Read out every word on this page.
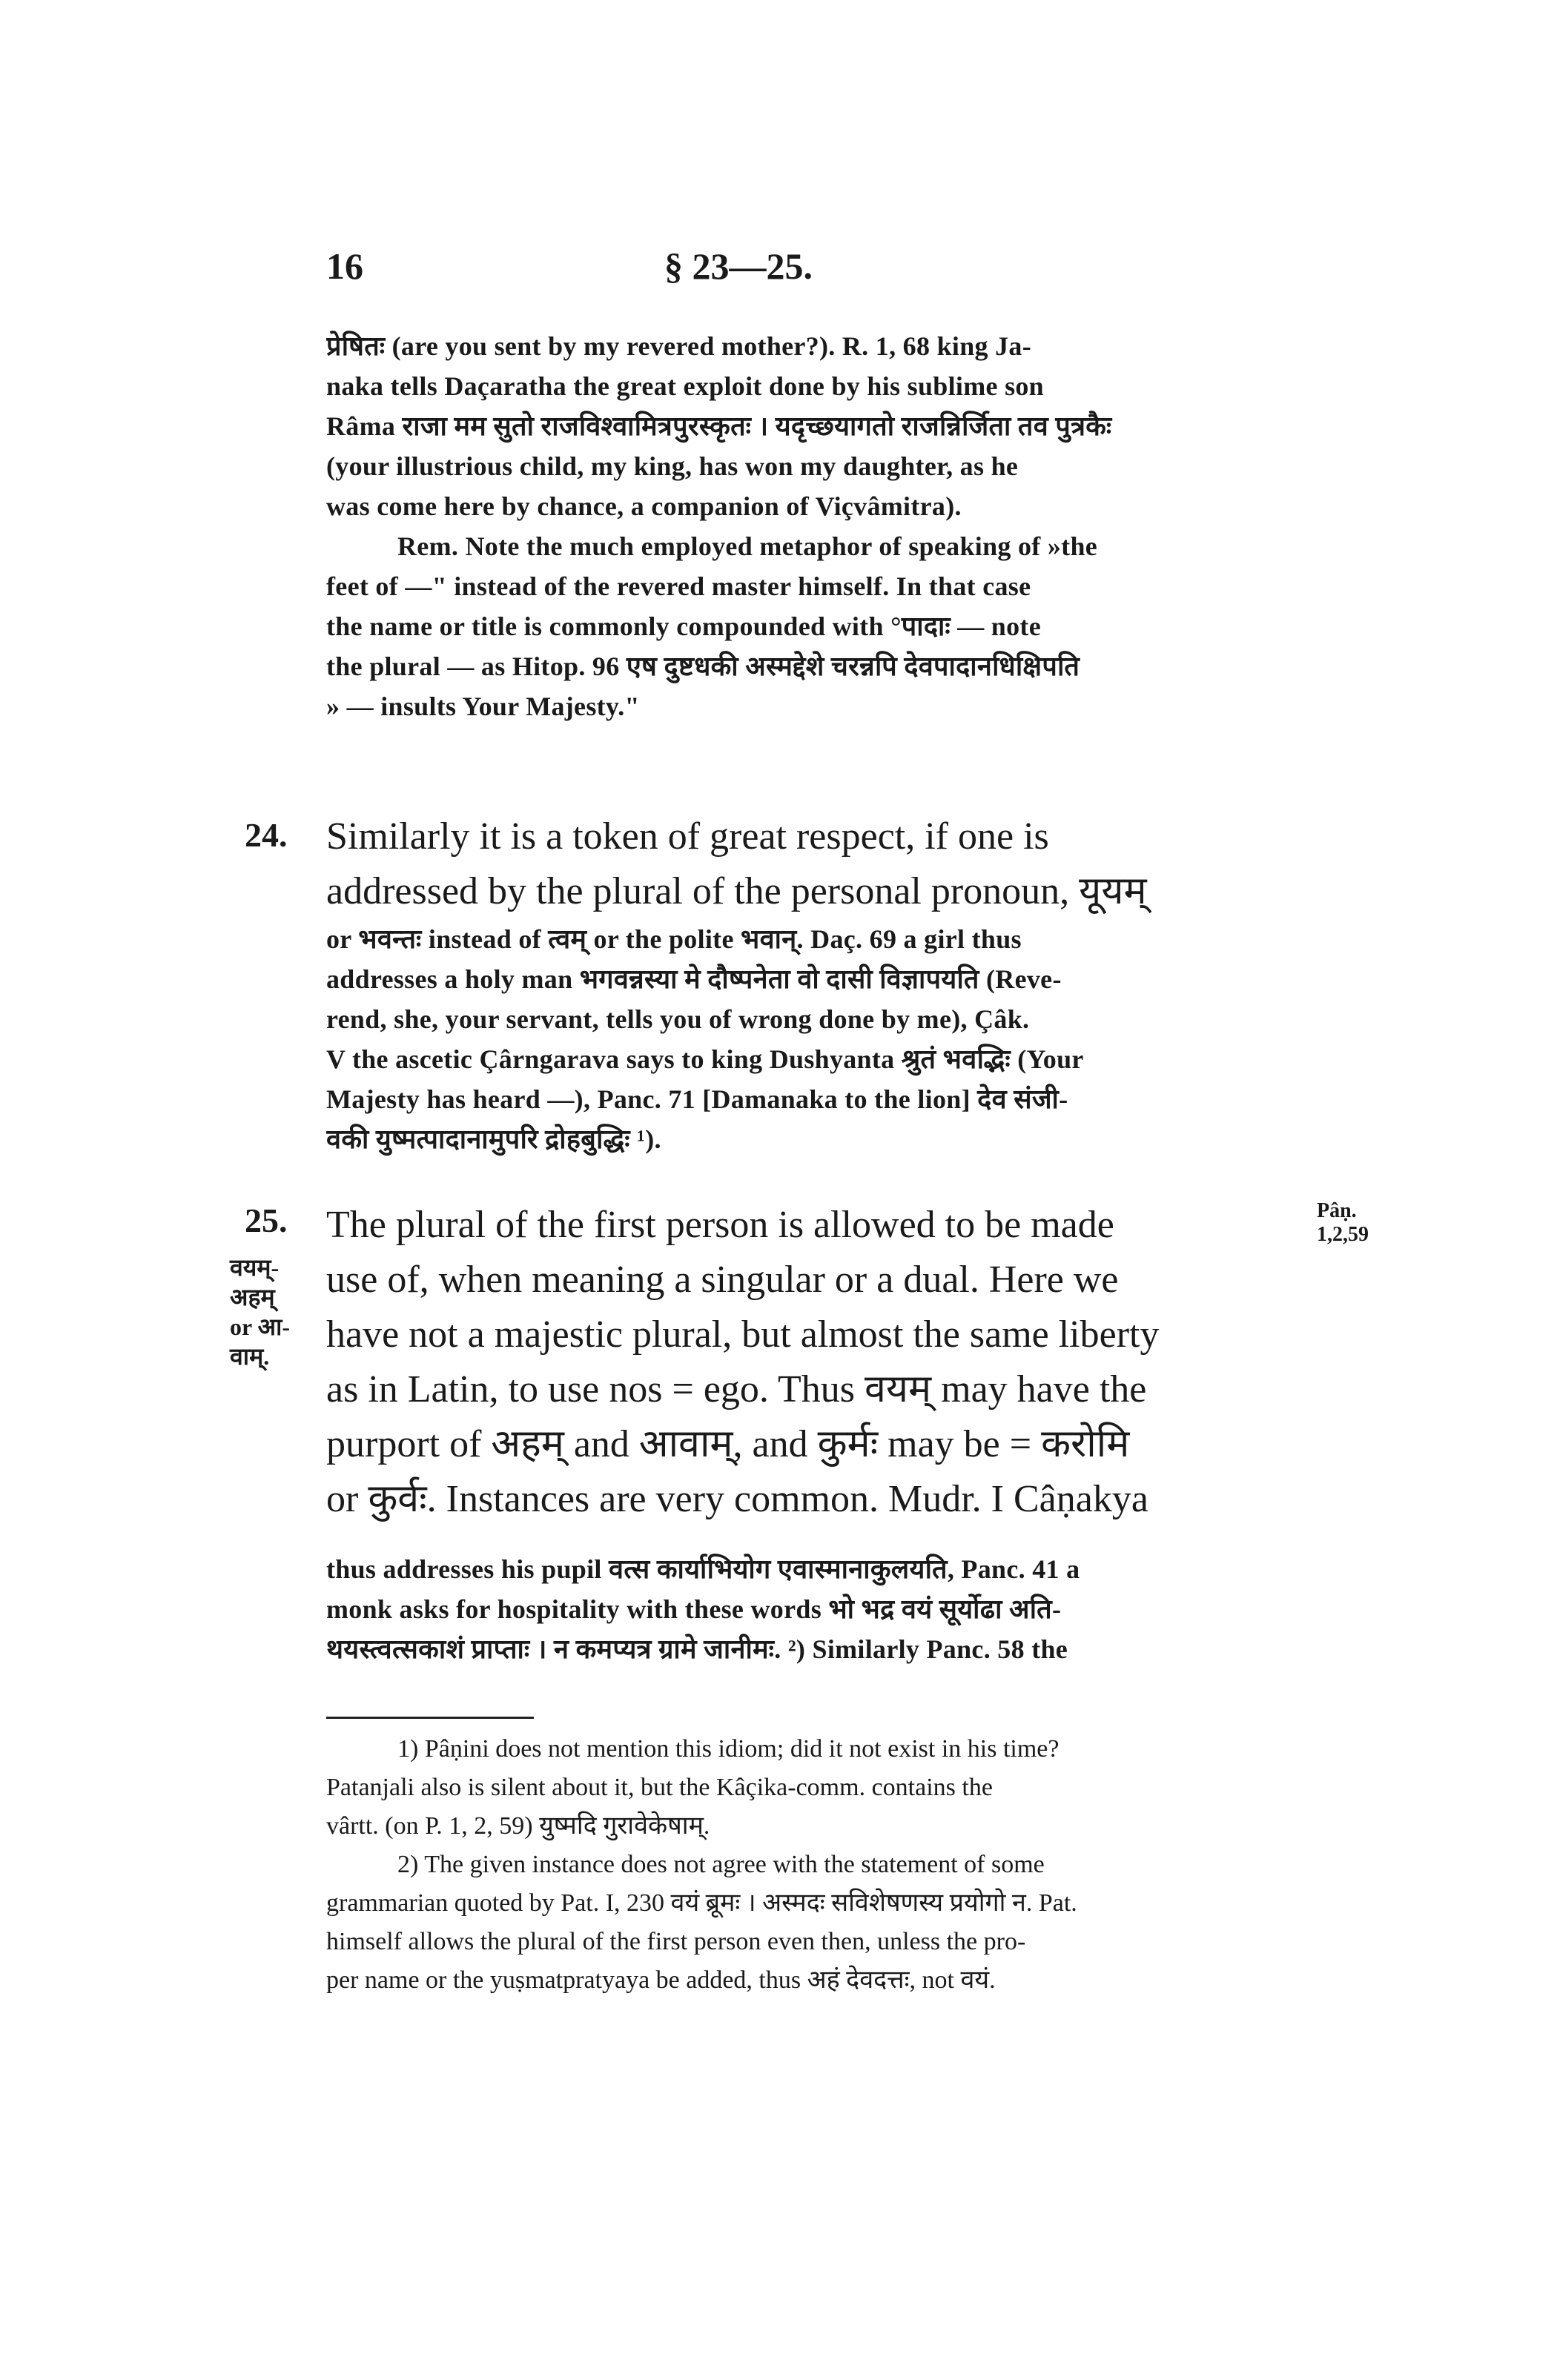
16	§ 23—25.
प्रेषितः (are you sent by my revered mother?). R. 1, 68 king Ja-
naka tells Daçaratha the great exploit done by his sublime son
Râma राजा मम सुतो राजविश्वामित्रपुरस्कृतः । यदृच्छयागतो राजन्निर्जिता तव पुत्रकैः
(your illustrious child, my king, has won my daughter, as he
was come here by chance, a companion of Viçvâmitra).
Rem. Note the much employed metaphor of speaking of »the
feet of —" instead of the revered master himself. In that case
the name or title is commonly compounded with °पादाः — note
the plural — as Hitop. 96 एष दुष्टधकी अस्मद्देशे चरन्नपि देवपादानधिक्षिपति
» — insults Your Majesty."
24. Similarly it is a token of great respect, if one is
addressed by the plural of the personal pronoun, यूयम्
or भवन्तः instead of त्वम् or the polite भवान्. Daç. 69 a girl thus
addresses a holy man भगवन्नस्या मे दौष्पनेता वो दासी विज्ञापयति (Reve-
rend, she, your servant, tells you of wrong done by me), Çâk.
V the ascetic Çârngarava says to king Dushyanta श्रुतं भवद्भिः (Your
Majesty has heard —), Panc. 71 [Damanaka to the lion] देव संजी-
वकी युष्मत्पादानामुपरि द्रोहबुद्धिः ¹).
25.
वयम्-
अहम्
or आ-
वाम्.
Pâṇ.
1,2,59
The plural of the first person is allowed to be made
use of, when meaning a singular or a dual. Here we
have not a majestic plural, but almost the same liberty
as in Latin, to use nos = ego. Thus वयम् may have the
purport of अहम् and आवाम्, and कुर्मः may be = करोमि
or कुर्वः. Instances are very common. Mudr. I Câṇakya
thus addresses his pupil वत्स कार्याभियोग एवास्मानाकुलयति, Panc. 41 a
monk asks for hospitality with these words भो भद्र वयं सूर्योढा अति-
थयस्त्वत्सकाशं प्राप्ताः । न कमप्यत्र ग्रामे जानीमः. ²) Similarly Panc. 58 the
1) Pâṇini does not mention this idiom; did it not exist in his time?
Patanjali also is silent about it, but the Kâçika-comm. contains the
vârtt. (on P. 1, 2, 59) युष्मदि गुरावेकेषाम्.
2) The given instance does not agree with the statement of some
grammarian quoted by Pat. I, 230 वयं ब्रूमः । अस्मदः सविशेषणस्य प्रयोगो न. Pat.
himself allows the plural of the first person even then, unless the pro-
per name or the yuṣmatpratyaya be added, thus अहं देवदत्तः, not वयं.
